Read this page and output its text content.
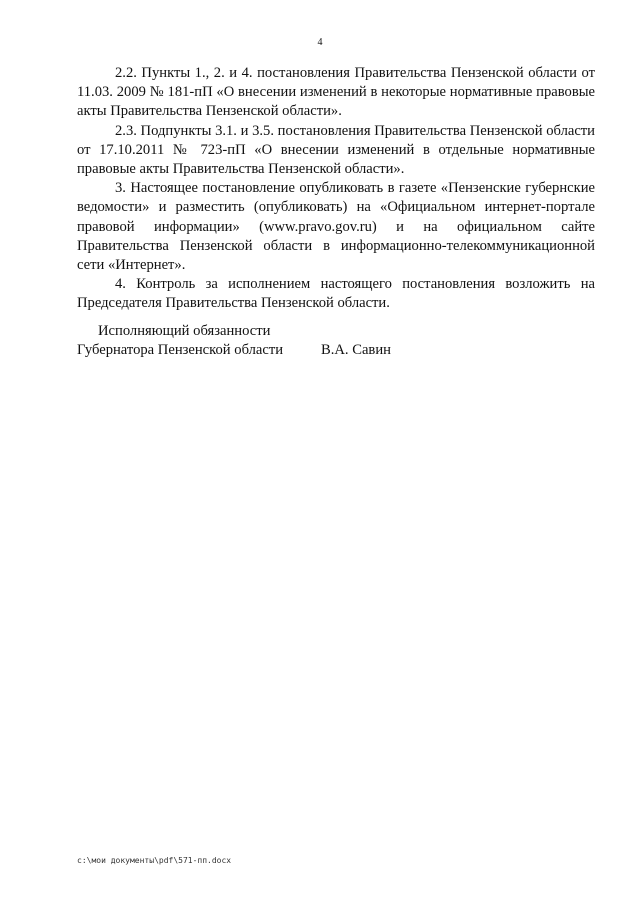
4

2.2. Пункты 1., 2. и 4. постановления Правительства Пензенской области от 11.03. 2009 № 181-пП «О внесении изменений в некоторые нормативные правовые акты Правительства Пензенской области».

2.3. Подпункты 3.1. и 3.5. постановления Правительства Пензенской области от 17.10.2011 № 723-пП «О внесении изменений в отдельные нормативные правовые акты Правительства Пензенской области».

3. Настоящее постановление опубликовать в газете «Пензенские губернские ведомости» и разместить (опубликовать) на «Официальном интернет-портале правовой информации» (www.pravo.gov.ru) и на официальном сайте Правительства Пензенской области в информационно-телекоммуникационной сети «Интернет».

4. Контроль за исполнением настоящего постановления возложить на Председателя Правительства Пензенской области.

Исполняющий обязанности
Губернатора Пензенской области	В.А. Савин
c:\мои документы\pdf\571-пп.docx
